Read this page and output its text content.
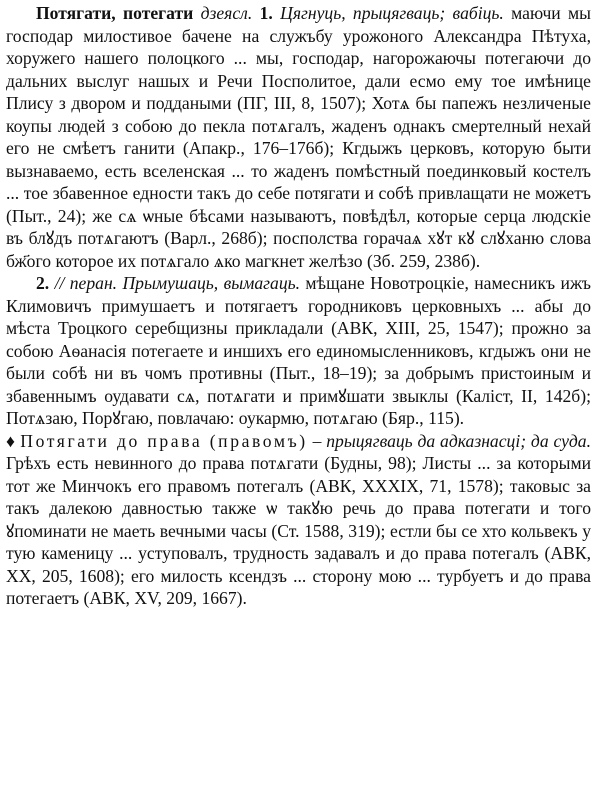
Потягати, потегати дзеясл. 1. Цягнуць, прыцягваць; вабіць. маючи мы господар милостивое бачене на служъбу урожоного Александра Пѣтуха, хоружего нашего полоцкого ... мы, господар, нагорожаючы потегаючи до дальних выслуг нашых и Речи Посполитое, дали есмо ему тое имѣнице Плису з двором и поддаными (ПГ, III, 8, 1507); Хотѧ бы папежъ незличеные коупы людей з собою до пекла потѧгалъ, жаденъ однакъ смертелный нехай его не смѣетъ ганити (Апакр., 176–176б); Кгдыжъ церковъ, которую быти вызнаваемо, есть вселенская ... то жаденъ помѣстный поединковый костелъ ... тое збавенное едности такъ до себе потягати и собѣ привлащати не можетъ (Пыт., 24); же сѧ ѡные бѣсами называютъ, повѣдѣл, которые серца людскіе въ блꙋдъ потѧгаютъ (Варл., 268б); посполства горачаѧ хꙋт кꙋ слꙋханю слова бж҃ого которое их потѧгало ѧко магкнет желѣзо (Зб. 259, 238б).

2. // перан. Прымушаць, вымагаць. мѣщане Новотроцкіе, намесникъ ижъ Климовичъ примушаетъ и потягаетъ городниковъ церковныхъ ... абы до мѣста Троцкого серебщизны прикладали (АВК, XIII, 25, 1547); прожно за собою Аѳанасія потегаете и иншихъ его единомысленниковъ, кгдыжъ они не были собѣ ни въ чомъ противны (Пыт., 18–19); за добрымъ пристоиным и збавеннымъ оудавати сѧ, потѧгати и примꙋшати звыклы (Каліст, II, 142б); Потѧзаю, Порꙋгаю, повлачаю: оукармю, потѧгаю (Бяр., 115).

♦ Потягати до права (правомъ) – прыцягваць да адказнасці; да суда. Грѣхъ есть невинного до права потѧгати (Будны, 98); Листы ... за которыми тот же Минчокъ его правомъ потегалъ (АВК, XXXIX, 71, 1578); таковыс за такъ далекою давностью также ѡ такꙋю речь до права потегати и того ꙋпоминати не маеть вечными часы (Ст. 1588, 319); естли бы се хто кольвекъ у тую каменицу ... уступовалъ, трудность задавалъ и до права потегалъ (АВК, XX, 205, 1608); его милость ксендзъ ... сторону мою ... турбуетъ и до права потегаетъ (АВК, XV, 209, 1667).
